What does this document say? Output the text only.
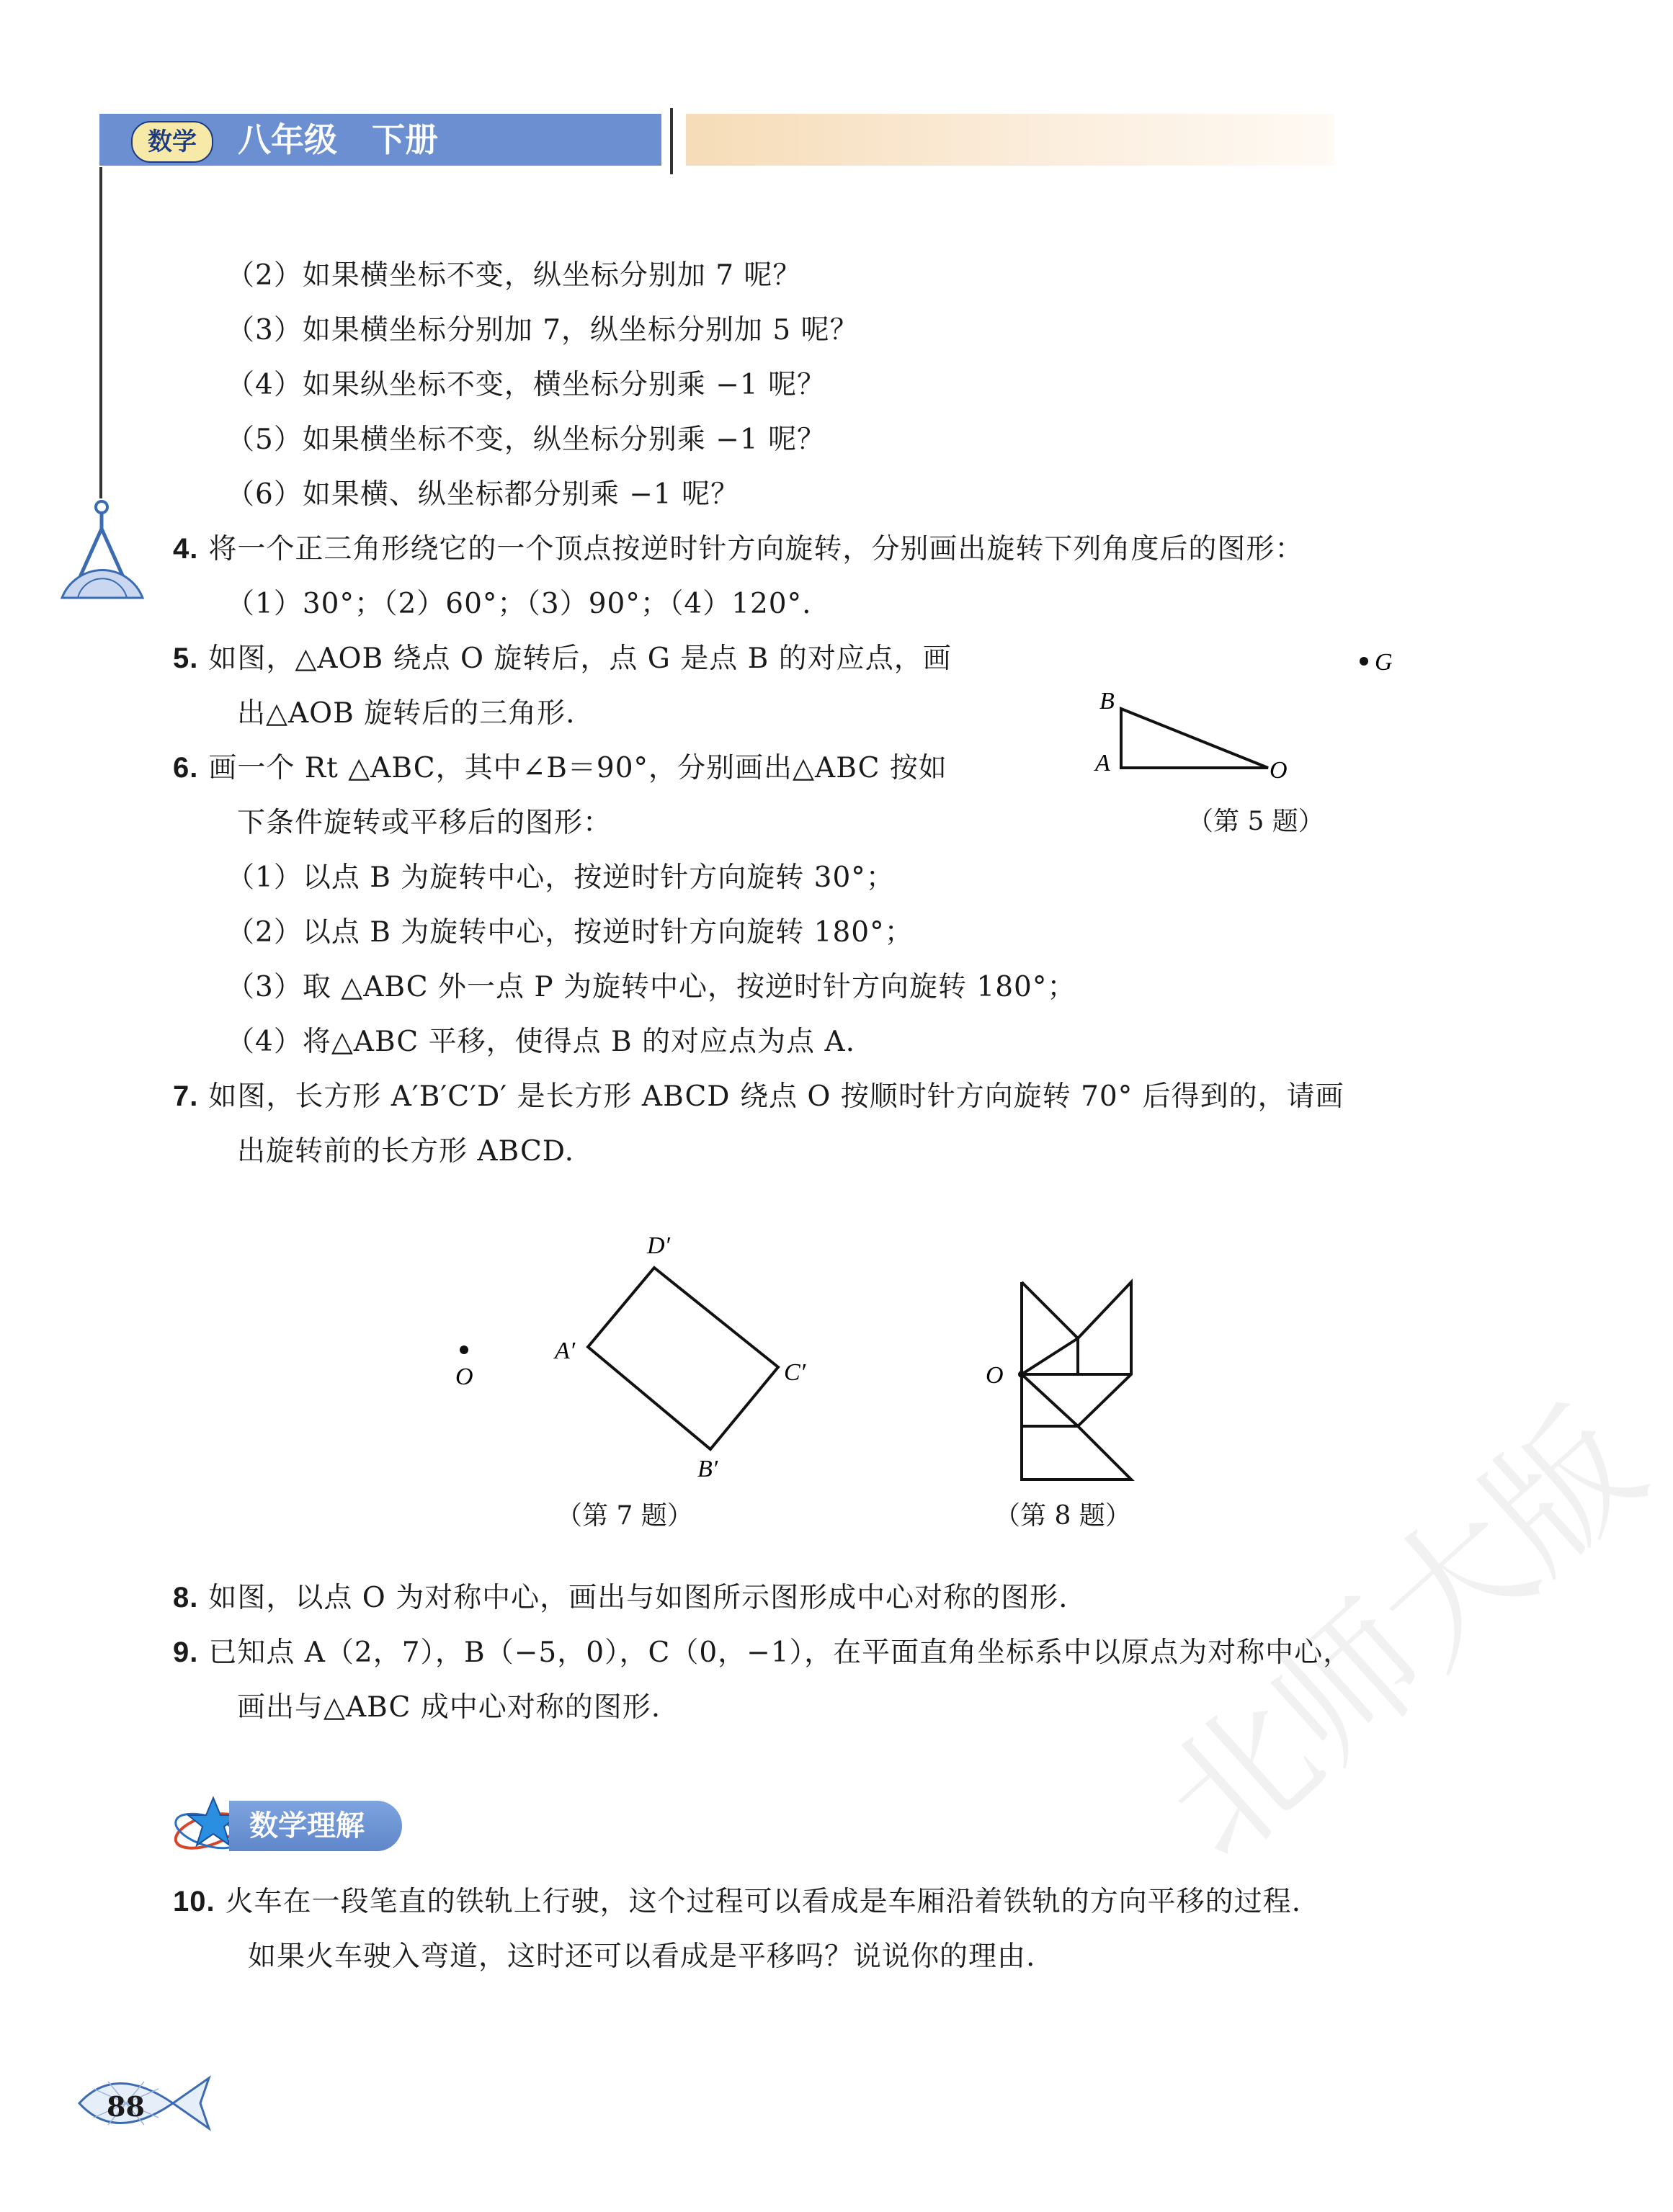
数学	八年级 下册
（2）如果横坐标不变，纵坐标分别加 7 呢？
（3）如果横坐标分别加 7，纵坐标分别加 5 呢？
（4）如果纵坐标不变，横坐标分别乘 −1 呢？
（5）如果横坐标不变，纵坐标分别乘 −1 呢？
（6）如果横、纵坐标都分别乘 −1 呢？
4. 将一个正三角形绕它的一个顶点按逆时针方向旋转，分别画出旋转下列角度后的图形：
（1）30°；（2）60°；（3）90°；（4）120°.
5. 如图，△AOB 绕点 O 旋转后，点 G 是点 B 的对应点，画
出△AOB 旋转后的三角形.
6. 画一个 Rt △ABC，其中∠B＝90°，分别画出△ABC 按如
下条件旋转或平移后的图形：
（1）以点 B 为旋转中心，按逆时针方向旋转 30°；
（2）以点 B 为旋转中心，按逆时针方向旋转 180°；
（3）取 △ABC 外一点 P 为旋转中心，按逆时针方向旋转 180°；
（4）将△ABC 平移，使得点 B 的对应点为点 A.
7. 如图，长方形 A′B′C′D′ 是长方形 ABCD 绕点 O 按顺时针方向旋转 70° 后得到的，请画
出旋转前的长方形 ABCD.
8. 如图，以点 O 为对称中心，画出与如图所示图形成中心对称的图形.
9. 已知点 A（2，7），B（−5，0），C（0，−1），在平面直角坐标系中以原点为对称中心，
画出与△ABC 成中心对称的图形.
10. 火车在一段笔直的铁轨上行驶，这个过程可以看成是车厢沿着铁轨的方向平移的过程.
如果火车驶入弯道，这时还可以看成是平移吗？说说你的理由.
G
B
A	O
（第 5 题）
O
A′
D′
C′
B′
（第 7 题）
O
（第 8 题）
数学理解	北师大版
88
